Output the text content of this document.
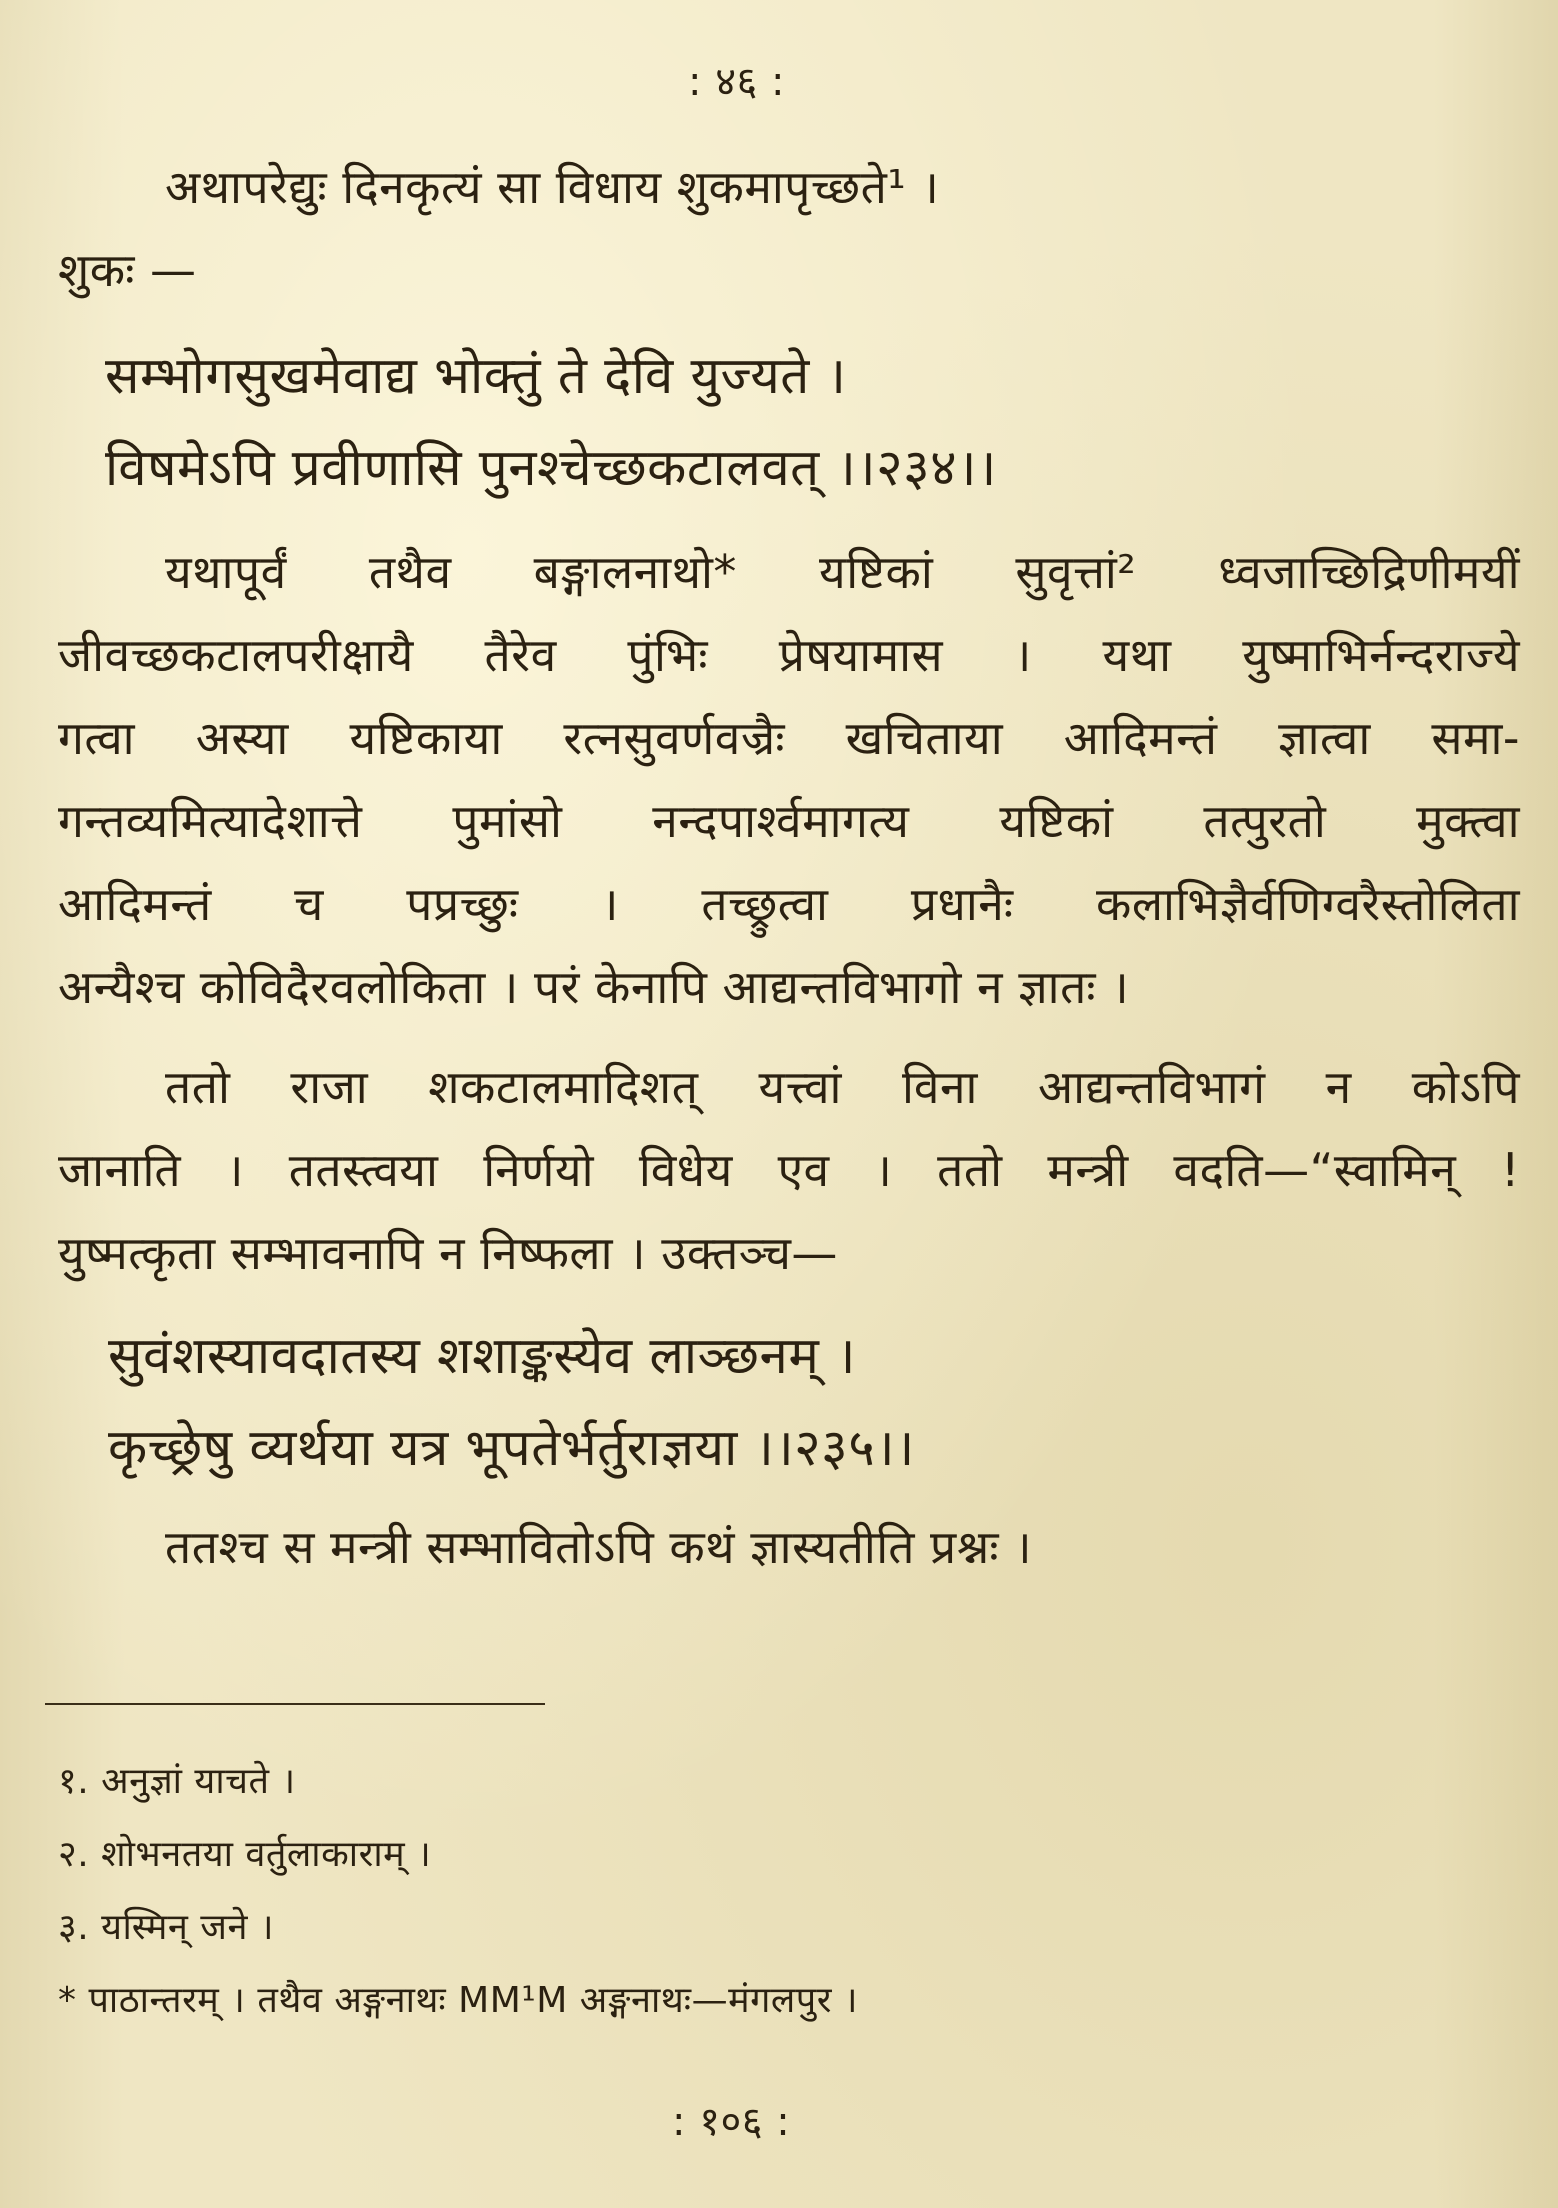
: ४६ :
अथापरेद्युः दिनकृत्यं सा विधाय शुकमापृच्छते¹ ।
शुकः —
सम्भोगसुखमेवाद्य भोक्तुं ते देवि युज्यते ।
विषमेऽपि प्रवीणासि पुनश्चेच्छकटालवत् ।।२३४।।
यथापूर्वं तथैव बङ्गालनाथो* यष्टिकां सुवृत्तां² ध्वजाच्छिद्रिणीमयीं
जीवच्छकटालपरीक्षायै तैरेव पुंभिः प्रेषयामास । यथा युष्माभिर्नन्दराज्ये
गत्वा अस्या यष्टिकाया रत्नसुवर्णवज्रैः खचिताया आदिमन्तं ज्ञात्वा समा-
गन्तव्यमित्यादेशात्ते पुमांसो नन्दपार्श्वमागत्य यष्टिकां तत्पुरतो मुक्त्वा
आदिमन्तं च पप्रच्छुः । तच्छ्रुत्वा प्रधानैः कलाभिज्ञैर्वणिग्वरैस्तोलिता
अन्यैश्च कोविदैरवलोकिता । परं केनापि आद्यन्तविभागो न ज्ञातः ।
ततो राजा शकटालमादिशत् यत्त्वां विना आद्यन्तविभागं न कोऽपि
जानाति । ततस्त्वया निर्णयो विधेय एव । ततो मन्त्री वदति—“स्वामिन् !
युष्मत्कृता सम्भावनापि न निष्फला । उक्तञ्च—
सुवंशस्यावदातस्य शशाङ्कस्येव लाञ्छनम् ।
कृच्छ्रेषु व्यर्थया यत्र भूपतेर्भर्तुराज्ञया ।।२३५।।
ततश्च स मन्त्री सम्भावितोऽपि कथं ज्ञास्यतीति प्रश्नः ।
१. अनुज्ञां याचते ।
२. शोभनतया वर्तुलाकाराम् ।
३. यस्मिन् जने ।
* पाठान्तरम् । तथैव अङ्गनाथः MM¹M अङ्गनाथः—मंगलपुर ।
: १०६ :
